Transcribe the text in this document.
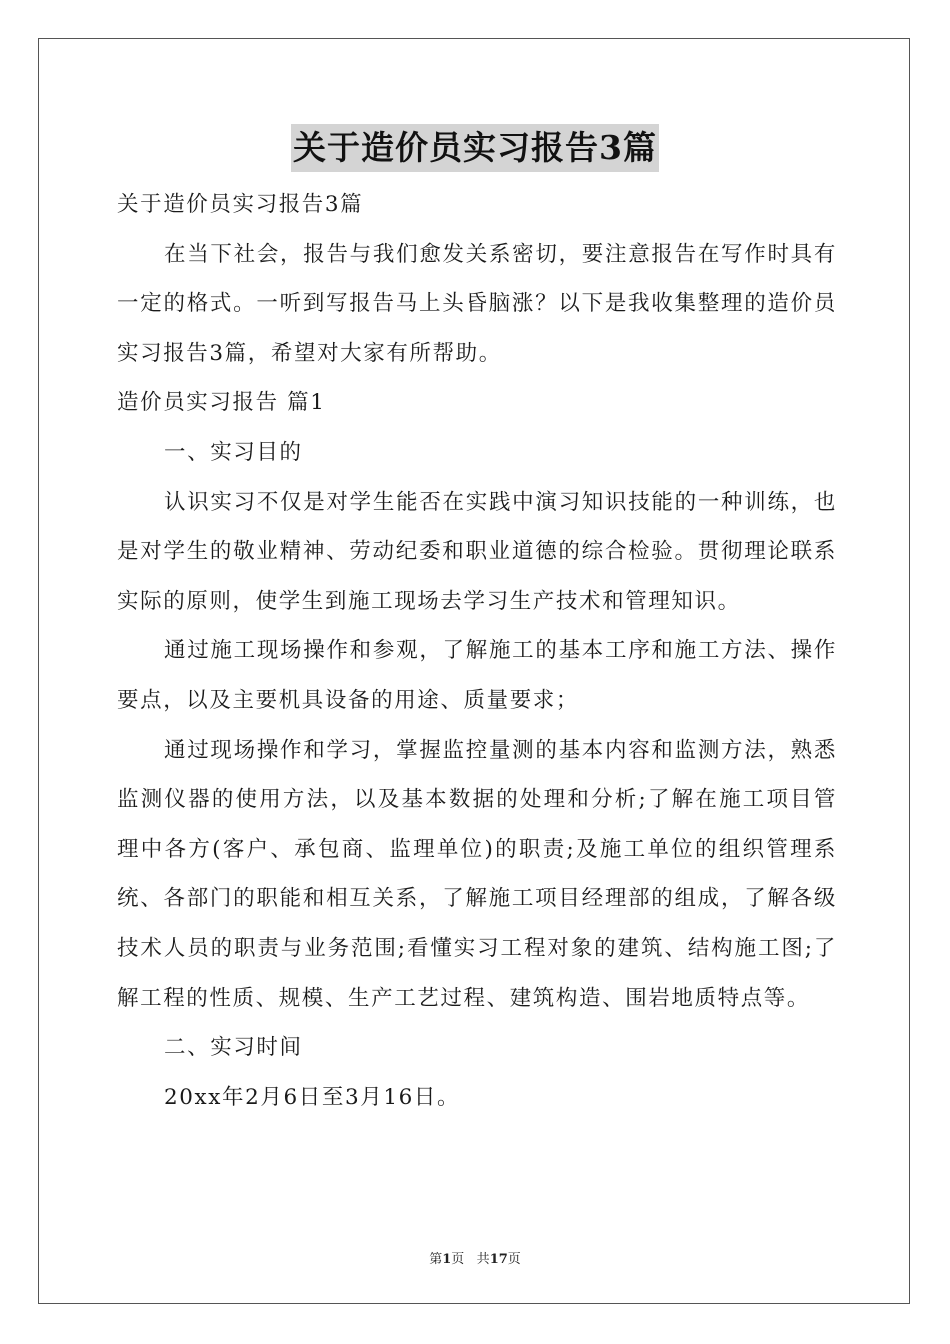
关于造价员实习报告3篇

关于造价员实习报告3篇

在当下社会，报告与我们愈发关系密切，要注意报告在写作时具有一定的格式。一听到写报告马上头昏脑涨？以下是我收集整理的造价员实习报告3篇，希望对大家有所帮助。

造价员实习报告 篇1

一、实习目的

认识实习不仅是对学生能否在实践中演习知识技能的一种训练，也是对学生的敬业精神、劳动纪委和职业道德的综合检验。贯彻理论联系实际的原则，使学生到施工现场去学习生产技术和管理知识。

通过施工现场操作和参观，了解施工的基本工序和施工方法、操作要点，以及主要机具设备的用途、质量要求；

通过现场操作和学习，掌握监控量测的基本内容和监测方法，熟悉监测仪器的使用方法，以及基本数据的处理和分析;了解在施工项目管理中各方(客户、承包商、监理单位)的职责;及施工单位的组织管理系统、各部门的职能和相互关系，了解施工项目经理部的组成，了解各级技术人员的职责与业务范围;看懂实习工程对象的建筑、结构施工图;了解工程的性质、规模、生产工艺过程、建筑构造、围岩地质特点等。

二、实习时间

20xx年2月6日至3月16日。

第1页 共17页
